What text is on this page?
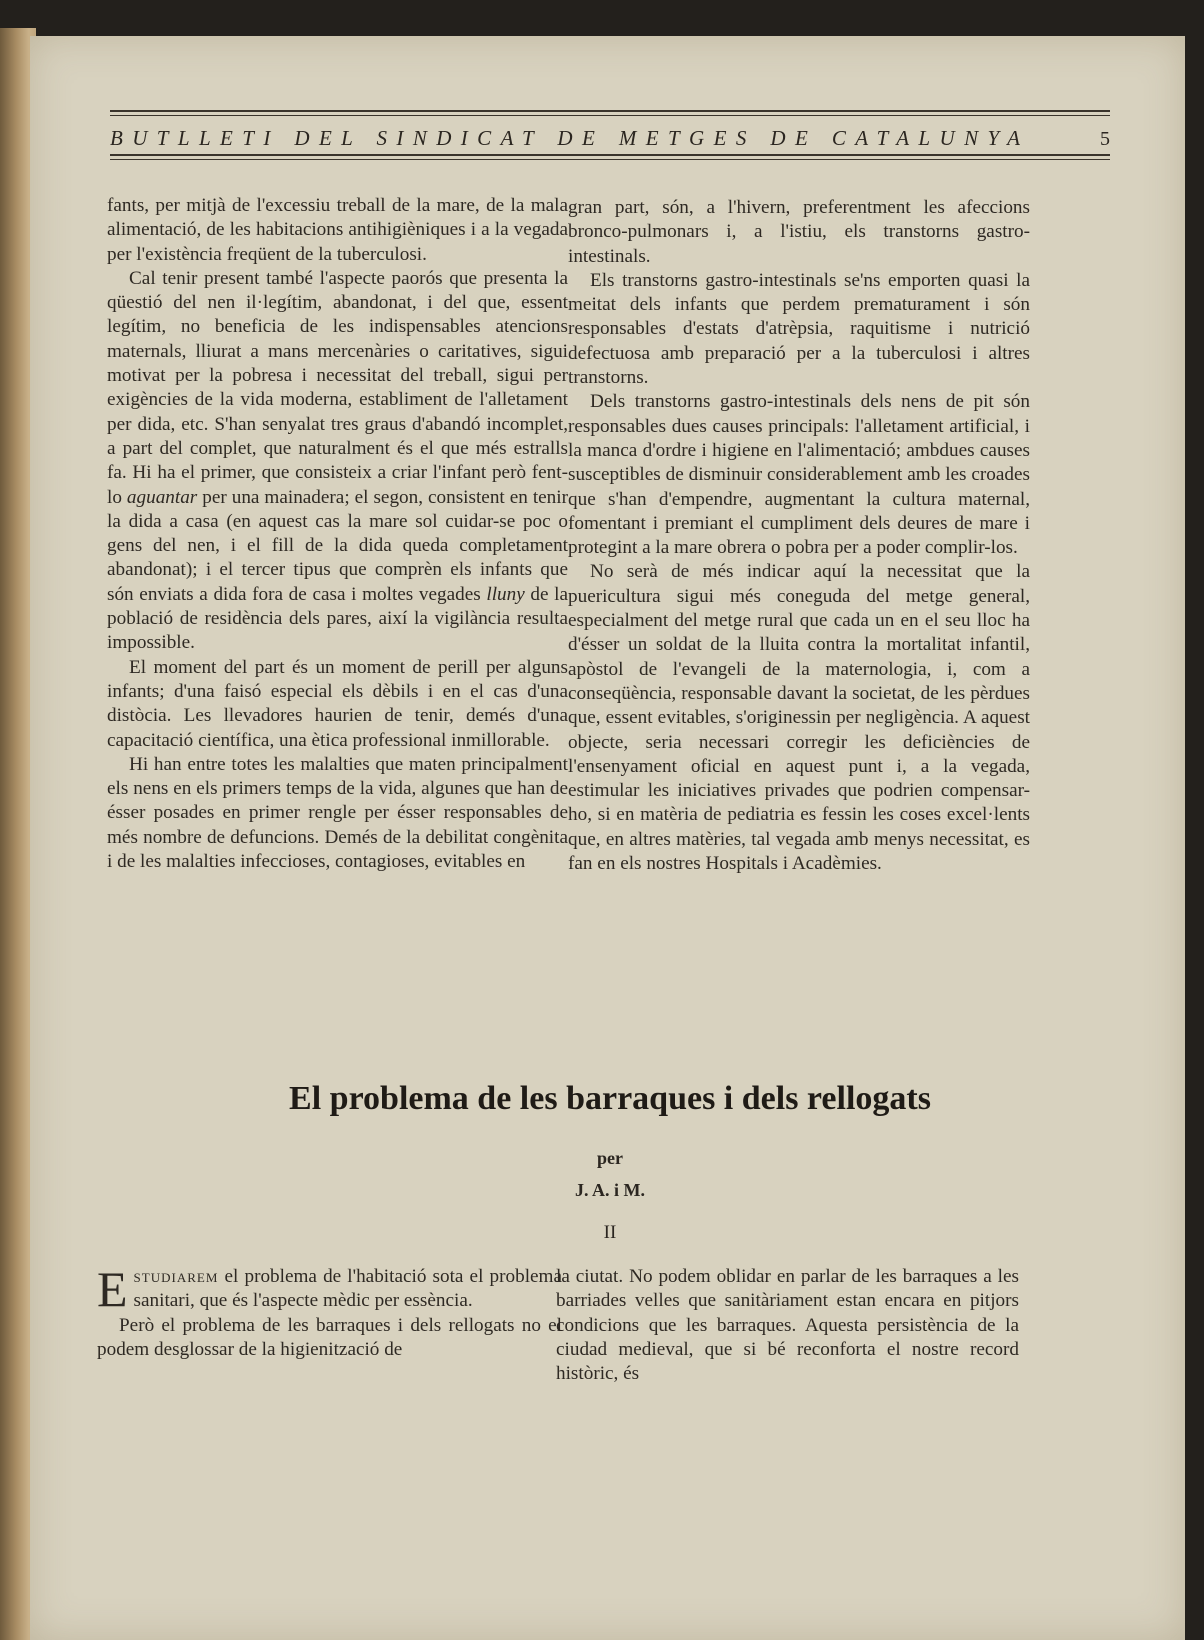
BUTLLETI DEL SINDICAT DE METGES DE CATALUNYA	5

fants, per mitjà de l'excessiu treball de la mare, de la mala alimentació, de les habitacions antihigièniques i a la vegada per l'existència freqüent de la tuberculosi.

Cal tenir present també l'aspecte paorós que presenta la qüestió del nen il·legítim, abandonat, i del que, essent legítim, no beneficia de les indispensables atencions maternals, lliurat a mans mercenàries o caritatives, sigui motivat per la pobresa i necessitat del treball, sigui per exigències de la vida moderna, establiment de l'alletament per dida, etc. S'han senyalat tres graus d'abandó incomplet, a part del complet, que naturalment és el que més estralls fa. Hi ha el primer, que consisteix a criar l'infant però fent-lo aguantar per una mainadera; el segon, consistent en tenir la dida a casa (en aquest cas la mare sol cuidar-se poc o gens del nen, i el fill de la dida queda completament abandonat); i el tercer tipus que comprèn els infants que són enviats a dida fora de casa i moltes vegades lluny de la població de residència dels pares, així la vigilància resulta impossible.

El moment del part és un moment de perill per alguns infants; d'una faisó especial els dèbils i en el cas d'una distòcia. Les llevadores haurien de tenir, demés d'una capacitació científica, una ètica professional inmillorable.

Hi han entre totes les malalties que maten principalment els nens en els primers temps de la vida, algunes que han de ésser posades en primer rengle per ésser responsables de més nombre de defuncions. Demés de la debilitat congènita i de les malalties infeccioses, contagioses, evitables en

gran part, són, a l'hivern, preferentment les afeccions bronco-pulmonars i, a l'istiu, els transtorns gastro-intestinals.

Els transtorns gastro-intestinals se'ns emporten quasi la meitat dels infants que perdem prematurament i són responsables d'estats d'atrèpsia, raquitisme i nutrició defectuosa amb preparació per a la tuberculosi i altres transtorns.

Dels transtorns gastro-intestinals dels nens de pit són responsables dues causes principals: l'alletament artificial, i la manca d'ordre i higiene en l'alimentació; ambdues causes susceptibles de disminuir considerablement amb les croades que s'han d'empendre, augmentant la cultura maternal, fomentant i premiant el cumpliment dels deures de mare i protegint a la mare obrera o pobra per a poder complir-los.

No serà de més indicar aquí la necessitat que la puericultura sigui més coneguda del metge general, especialment del metge rural que cada un en el seu lloc ha d'ésser un soldat de la lluita contra la mortalitat infantil, apòstol de l'evangeli de la maternologia, i, com a conseqüència, responsable davant la societat, de les pèrdues que, essent evitables, s'originessin per negligència. A aquest objecte, seria necessari corregir les deficiències de l'ensenyament oficial en aquest punt i, a la vegada, estimular les iniciatives privades que podrien compensar-ho, si en matèria de pediatria es fessin les coses excel·lents que, en altres matèries, tal vegada amb menys necessitat, es fan en els nostres Hospitals i Acadèmies.

El problema de les barraques i dels rellogats
per
J. A. i M.
II

Estudiarem el problema de l'habitació sota el problema sanitari, que és l'aspecte mèdic per essència.

Però el problema de les barraques i dels rellogats no el podem desglossar de la higienització de

la ciutat. No podem oblidar en parlar de les barraques a les barriades velles que sanitàriament estan encara en pitjors condicions que les barraques. Aquesta persistència de la ciudad medieval, que si bé reconforta el nostre record històric, és
